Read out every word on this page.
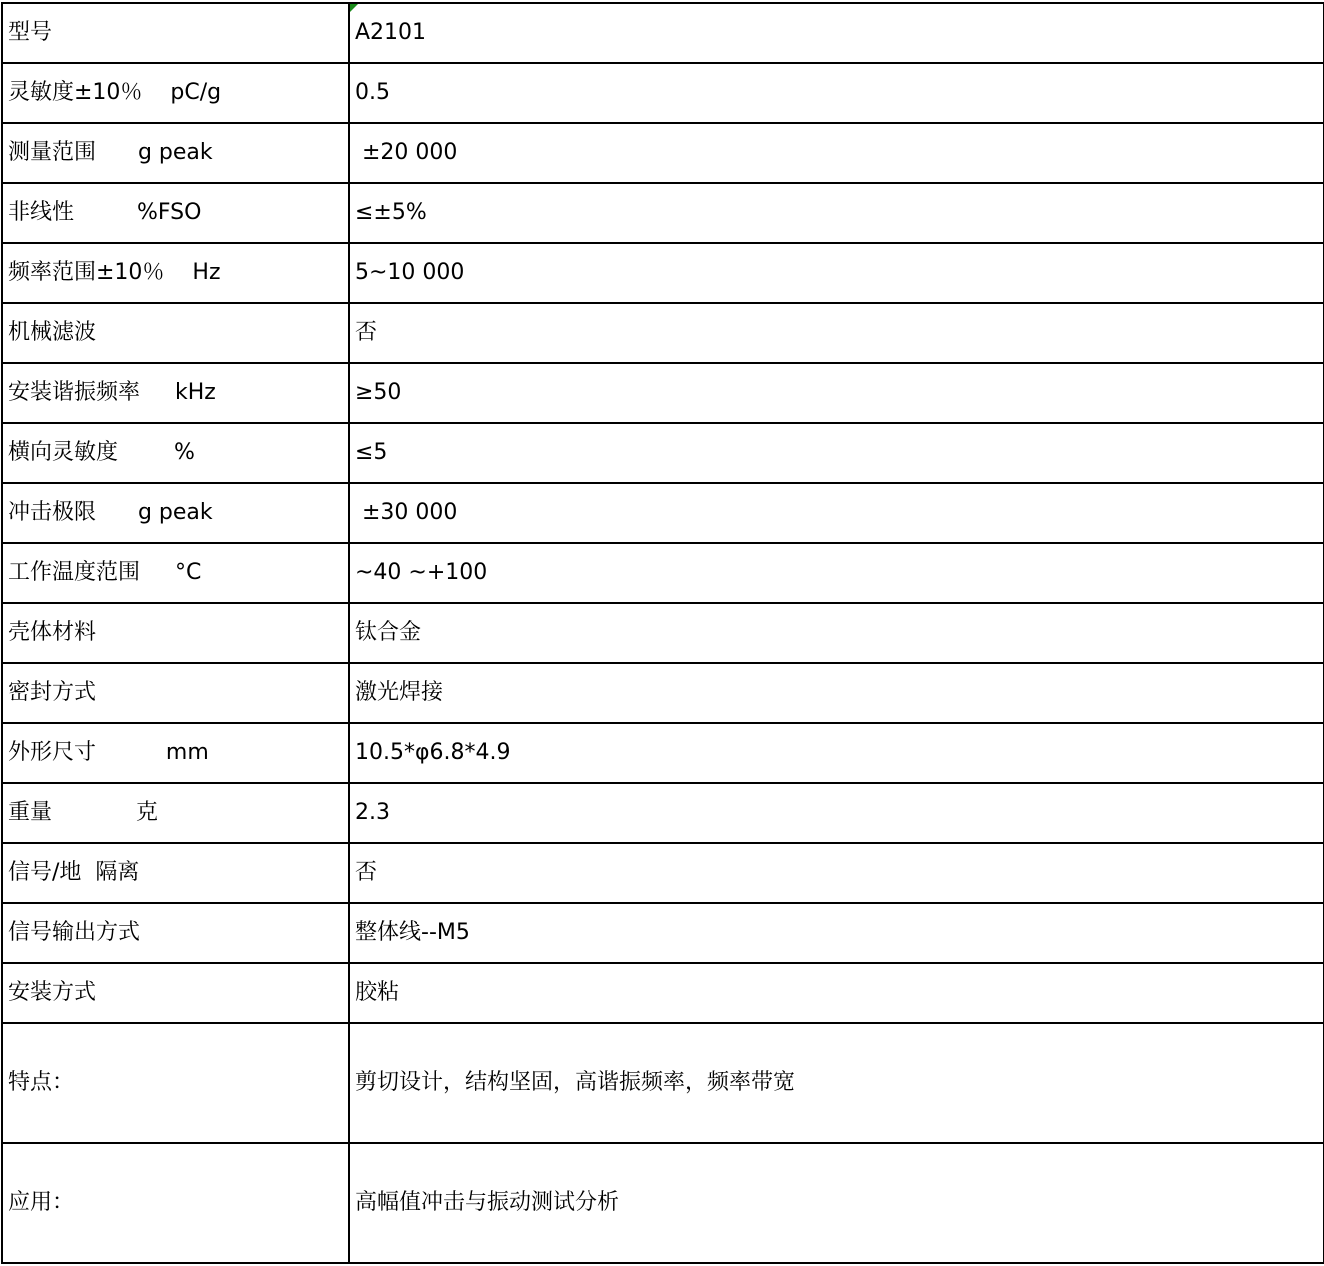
型号	A2101
灵敏度±10％    pC/g	0.5
测量范围      g peak	±20 000
非线性         %FSO	≤±5%
频率范围±10％    Hz	5~10 000
机械滤波	否
安装谐振频率     kHz	≥50
横向灵敏度        %	≤5
冲击极限      g peak	±30 000
工作温度范围     °C	~40 ~+100
壳体材料	钛合金
密封方式	激光焊接
外形尺寸          mm	10.5*φ6.8*4.9
重量            克	2.3
信号/地  隔离	否
信号输出方式	整体线--M5
安装方式	胶粘
特点：	剪切设计，结构坚固，高谐振频率，频率带宽
应用：	高幅值冲击与振动测试分析
